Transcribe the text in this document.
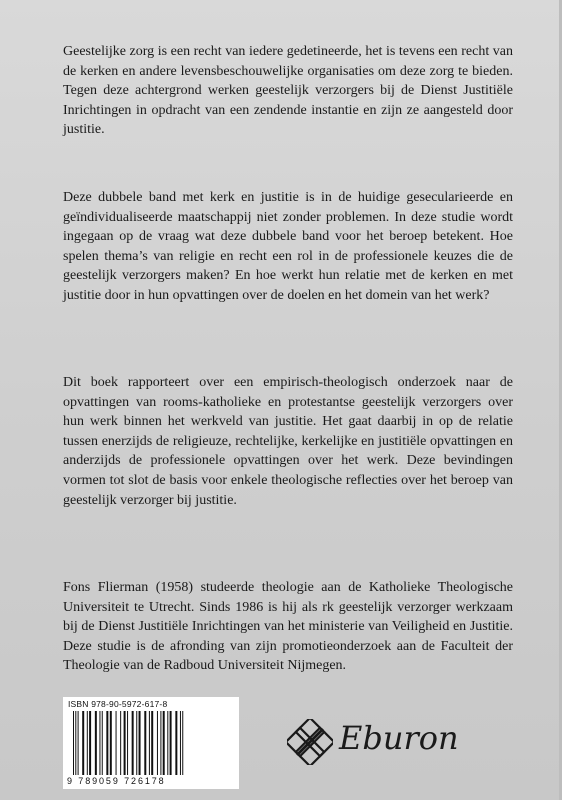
Geestelijke zorg is een recht van iedere gedetineerde, het is tevens een recht van de kerken en andere levensbeschouwelijke organisaties om deze zorg te bieden. Tegen deze achtergrond werken geestelijk verzorgers bij de Dienst Justitiële Inrichtingen in opdracht van een zendende instantie en zijn ze aangesteld door justitie.

Deze dubbele band met kerk en justitie is in de huidige gesecularieerde en geïndividualiseerde maatschappij niet zonder problemen. In deze studie wordt ingegaan op de vraag wat deze dubbele band voor het beroep betekent. Hoe spelen thema’s van religie en recht een rol in de professionele keuzes die de geestelijk verzorgers maken? En hoe werkt hun relatie met de kerken en met justitie door in hun opvattingen over de doelen en het domein van het werk?

Dit boek rapporteert over een empirisch-theologisch onderzoek naar de opvattingen van rooms-katholieke en protestantse geestelijk verzorgers over hun werk binnen het werkveld van justitie. Het gaat daarbij in op de relatie tussen enerzijds de religieuze, rechtelijke, kerkelijke en justitiële opvattingen en anderzijds de professionele opvattingen over het werk. Deze bevindingen vormen tot slot de basis voor enkele theologische reflecties over het beroep van geestelijk verzorger bij justitie.

Fons Flierman (1958) studeerde theologie aan de Katholieke Theologische Universiteit te Utrecht. Sinds 1986 is hij als rk geestelijk verzorger werkzaam bij de Dienst Justitiële Inrichtingen van het ministerie van Veiligheid en Justitie. Deze studie is de afronding van zijn promotieonderzoek aan de Faculteit der Theologie van de Radboud Universiteit Nijmegen.

ISBN 978-90-5972-617-8
9 789059 726178
Eburon
